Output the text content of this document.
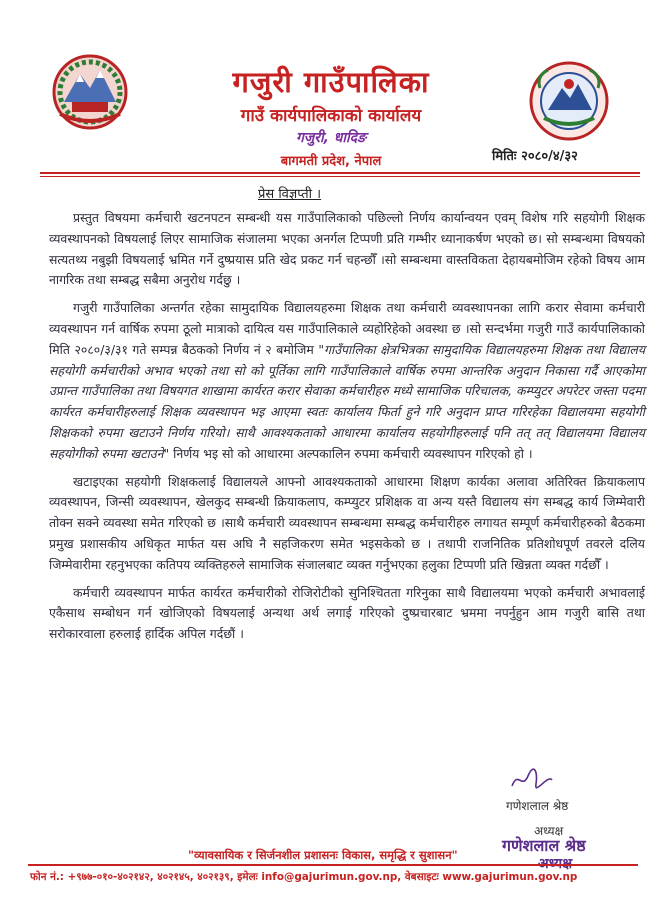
गजुरी गाउँपालिका
गाउँ कार्यपालिकाको कार्यालय
गजुरी, धादिङ
बागमती प्रदेश, नेपाल	मितिः २०८०/४/३२
प्रेस विज्ञप्ती ।

प्रस्तुत विषयमा कर्मचारी खटनपटन सम्बन्धी यस गाउँपालिकाको पछिल्लो निर्णय कार्यान्वयन एवम् विशेष गरि सहयोगी शिक्षक व्यवस्थापनको विषयलाई लिएर सामाजिक संजालमा भएका अनर्गल टिप्पणी प्रति गम्भीर ध्यानाकर्षण भएको छ। सो सम्बन्धमा विषयको सत्यतथ्य नबुझी विषयलाई भ्रमित गर्ने दुष्प्रयास प्रति खेद प्रकट गर्न चहन्छौँ ।सो सम्बन्धमा वास्तविकता देहायबमोजिम रहेको विषय आम नागरिक तथा सम्बद्ध सबैमा अनुरोध गर्दछु ।

गजुरी गाउँपालिका अन्तर्गत रहेका सामुदायिक विद्यालयहरुमा शिक्षक तथा कर्मचारी व्यवस्थापनका लागि करार सेवामा कर्मचारी व्यवस्थापन गर्न वार्षिक रुपमा ठूलो मात्राको दायित्व यस गाउँपालिकाले व्यहोरिहेको अवस्था छ ।सो सन्दर्भमा गजुरी गाउँ कार्यपालिकाको मिति २०८०/३/३१ गते सम्पन्न बैठकको निर्णय नं २ बमोजिम "गाउँपालिका क्षेत्रभित्रका सामुदायिक विद्यालयहरुमा शिक्षक तथा विद्यालय सहयोगी कर्मचारीको अभाव भएको तथा सो को पूर्तिका लागि गाउँपालिकाले वार्षिक रुपमा आन्तरिक अनुदान निकासा गर्दै आएकोमा उप्रान्त गाउँपालिका तथा विषयगत शाखामा कार्यरत करार सेवाका कर्मचारीहरु मध्ये सामाजिक परिचालक, कम्प्युटर अपरेटर जस्ता पदमा कार्यरत कर्मचारीहरुलाई शिक्षक व्यवस्थापन भइ आएमा स्वतः कार्यालय फिर्ता हुने गरि अनुदान प्राप्त गरिरहेका विद्यालयमा सहयोगी शिक्षकको रुपमा खटाउने निर्णय गरियो। साथै आवश्यकताको आधारमा कार्यालय सहयोगीहरुलाई पनि तत् तत् विद्यालयमा विद्यालय सहयोगीको रुपमा खटाउने" निर्णय भइ सो को आधारमा अल्पकालिन रुपमा कर्मचारी व्यवस्थापन गरिएको हो ।

खटाइएका सहयोगी शिक्षकलाई विद्यालयले आफ्नो आवश्यकताको आधारमा शिक्षण कार्यका अलावा अतिरिक्त क्रियाकलाप व्यवस्थापन, जिन्सी व्यवस्थापन, खेलकुद सम्बन्धी क्रियाकलाप, कम्प्युटर प्रशिक्षक वा अन्य यस्तै विद्यालय संग सम्बद्ध कार्य जिम्मेवारी तोक्न सक्ने व्यवस्था समेत गरिएको छ ।साथै कर्मचारी व्यवस्थापन सम्बन्धमा सम्बद्ध कर्मचारीहरु लगायत सम्पूर्ण कर्मचारीहरुको बैठकमा प्रमुख प्रशासकीय अधिकृत मार्फत यस अघि नै सहजिकरण समेत भइसकेको छ । तथापी राजनितिक प्रतिशोधपूर्ण तवरले दलिय जिम्मेवारीमा रहनुभएका कतिपय व्यक्तिहरुले सामाजिक संजालबाट व्यक्त गर्नुभएका हलुका टिप्पणी प्रति खिन्नता व्यक्त गर्दछौँ ।

कर्मचारी व्यवस्थापन मार्फत कार्यरत कर्मचारीको रोजिरोटीको सुनिश्चितता गरिनुका साथै विद्यालयमा भएको कर्मचारी अभावलाई एकैसाथ सम्बोधन गर्न खोजिएको विषयलाई अन्यथा अर्थ लगाई गरिएको दुष्प्रचारबाट भ्रममा नपर्नुहुन आम गजुरी बासि तथा सरोकारवाला हरुलाई हार्दिक अपिल गर्दछौं ।

गणेशलाल श्रेष्ठ
अध्यक्ष
गणेशलाल श्रेष्ठ
अध्यक्ष
"व्यावसायिक र सिर्जनशील प्रशासनः विकास, समृद्धि र सुशासन"
फोन नं.: +९७७-०१०-४०२१४२, ४०२१४५, ४०२१३९, इमेलः info@gajurimun.gov.np, वेबसाइटः www.gajurimun.gov.np
